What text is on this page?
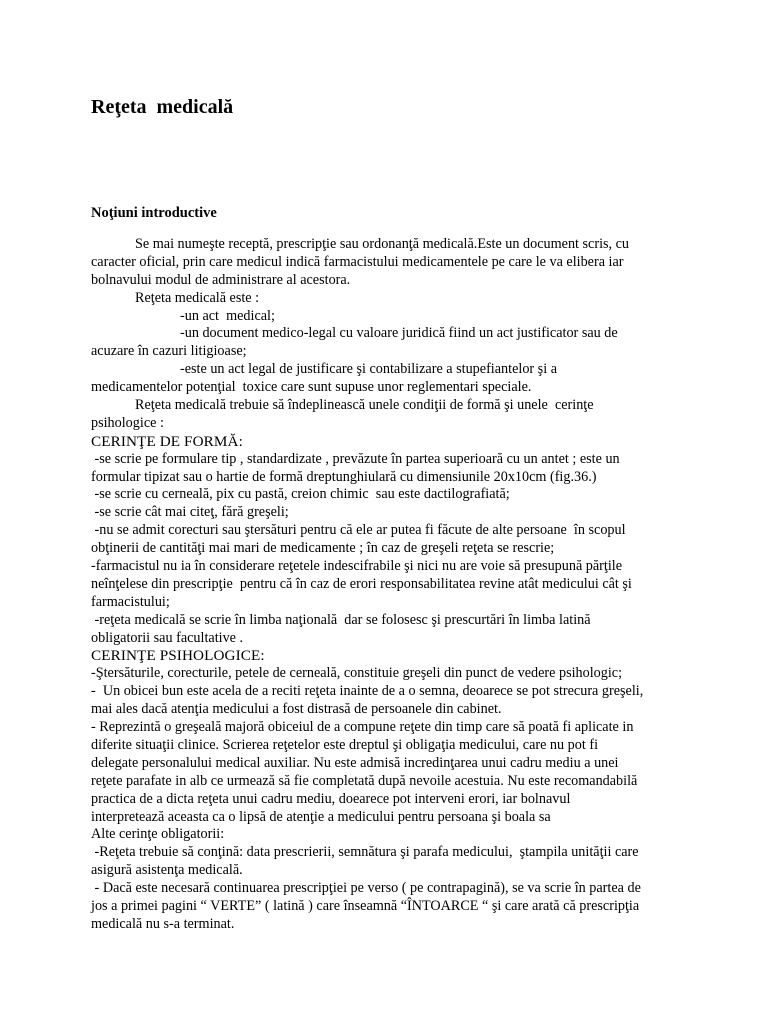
Reţeta  medicală
Noţiuni introductive
Se mai numeşte receptă, prescripţie sau ordonanţă medicală.Este un document scris, cu
caracter oficial, prin care medicul indică farmacistului medicamentele pe care le va elibera iar
bolnavului modul de administrare al acestora.
Reţeta medicală este :
-un act  medical;
-un document medico-legal cu valoare juridică fiind un act justificator sau de
acuzare în cazuri litigioase;
-este un act legal de justificare şi contabilizare a stupefiantelor şi a
medicamentelor potenţial  toxice care sunt supuse unor reglementari speciale.
Reţeta medicală trebuie să îndeplinească unele condiţii de formă şi unele  cerinţe
psihologice :
CERINŢE DE FORMĂ:
-se scrie pe formulare tip , standardizate , prevăzute în partea superioară cu un antet ; este un
formular tipizat sau o hartie de formă dreptunghiulară cu dimensiunile 20x10cm (fig.36.)
-se scrie cu cerneală, pix cu pastă, creion chimic  sau este dactilografiată;
-se scrie cât mai citeţ, fără greşeli;
-nu se admit corecturi sau ştersături pentru că ele ar putea fi făcute de alte persoane  în scopul
obţinerii de cantităţi mai mari de medicamente ; în caz de greşeli reţeta se rescrie;
-farmacistul nu ia în considerare reţetele indescifrabile şi nici nu are voie să presupună părţile
neînţelese din prescripţie  pentru că în caz de erori responsabilitatea revine atât medicului cât şi
farmacistului;
-reţeta medicală se scrie în limba naţională  dar se folosesc şi prescurtări în limba latină
obligatorii sau facultative .
CERINŢE PSIHOLOGICE:
-Ştersăturile, corecturile, petele de cerneală, constituie greşeli din punct de vedere psihologic;
-  Un obicei bun este acela de a reciti reţeta inainte de a o semna, deoarece se pot strecura greşeli,
mai ales dacă atenţia medicului a fost distrasă de persoanele din cabinet.
- Reprezintă o greşeală majoră obiceiul de a compune reţete din timp care să poată fi aplicate in
diferite situaţii clinice. Scrierea reţetelor este dreptul şi obligaţia medicului, care nu pot fi
delegate personalului medical auxiliar. Nu este admisă incredinţarea unui cadru mediu a unei
reţete parafate in alb ce urmează să fie completată după nevoile acestuia. Nu este recomandabilă
practica de a dicta reţeta unui cadru mediu, doearece pot interveni erori, iar bolnavul
interpretează aceasta ca o lipsă de atenţie a medicului pentru persoana şi boala sa
Alte cerinţe obligatorii:
-Reţeta trebuie să conţină: data prescrierii, semnătura şi parafa medicului,  ştampila unităţii care
asigură asistenţa medicală.
- Dacă este necesară continuarea prescripţiei pe verso ( pe contrapagină), se va scrie în partea de
jos a primei pagini “ VERTE” ( latină ) care înseamnă “ÎNTOARCE “ şi care arată că prescripţia
medicală nu s-a terminat.
